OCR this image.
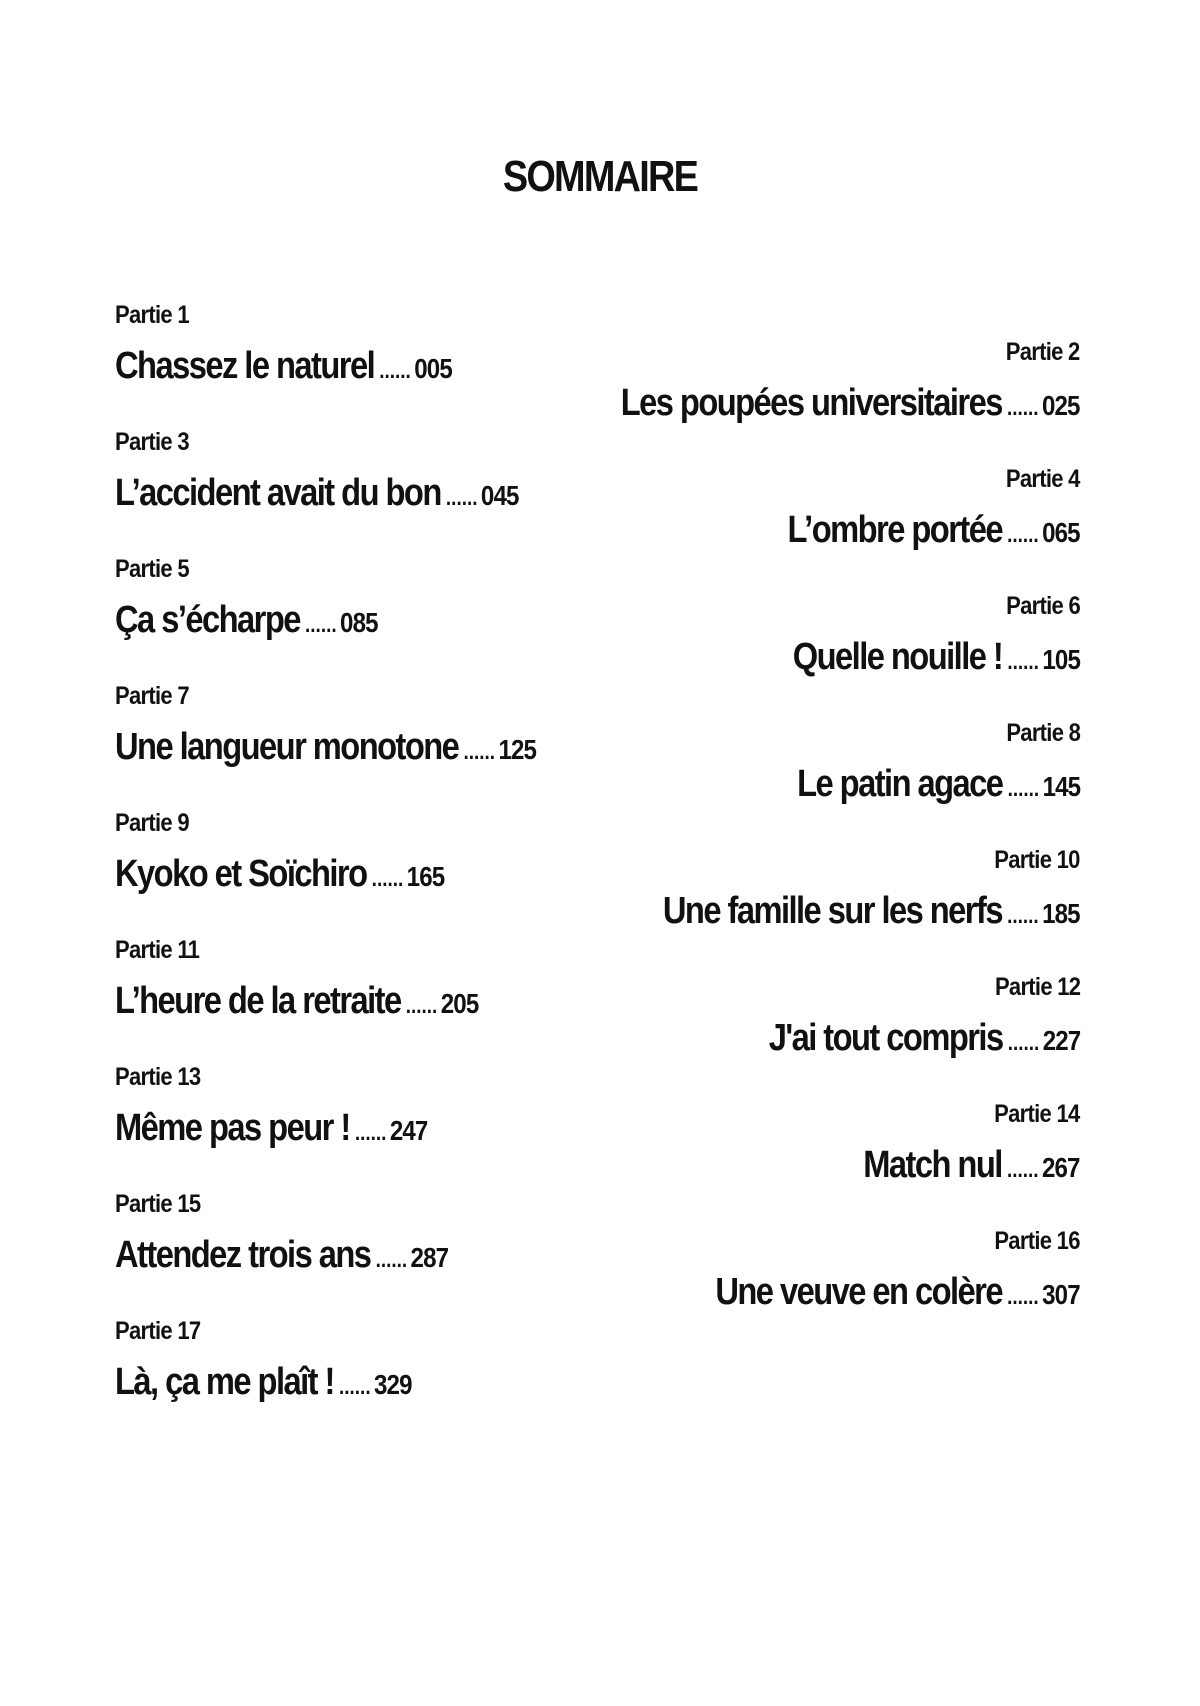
SOMMAIRE
Partie 1
Chassez le naturel ...... 005
Partie 2
Les poupées universitaires ...... 025
Partie 3
L’accident avait du bon ...... 045
Partie 4
L’ombre portée ...... 065
Partie 5
Ça s’écharpe ...... 085
Partie 6
Quelle nouille ! ...... 105
Partie 7
Une langueur monotone ...... 125
Partie 8
Le patin agace ...... 145
Partie 9
Kyoko et Soïchiro ...... 165
Partie 10
Une famille sur les nerfs ...... 185
Partie 11
L’heure de la retraite ...... 205
Partie 12
J'ai tout compris ...... 227
Partie 13
Même pas peur ! ...... 247
Partie 14
Match nul ...... 267
Partie 15
Attendez trois ans ...... 287
Partie 16
Une veuve en colère ...... 307
Partie 17
Là, ça me plaît ! ...... 329
